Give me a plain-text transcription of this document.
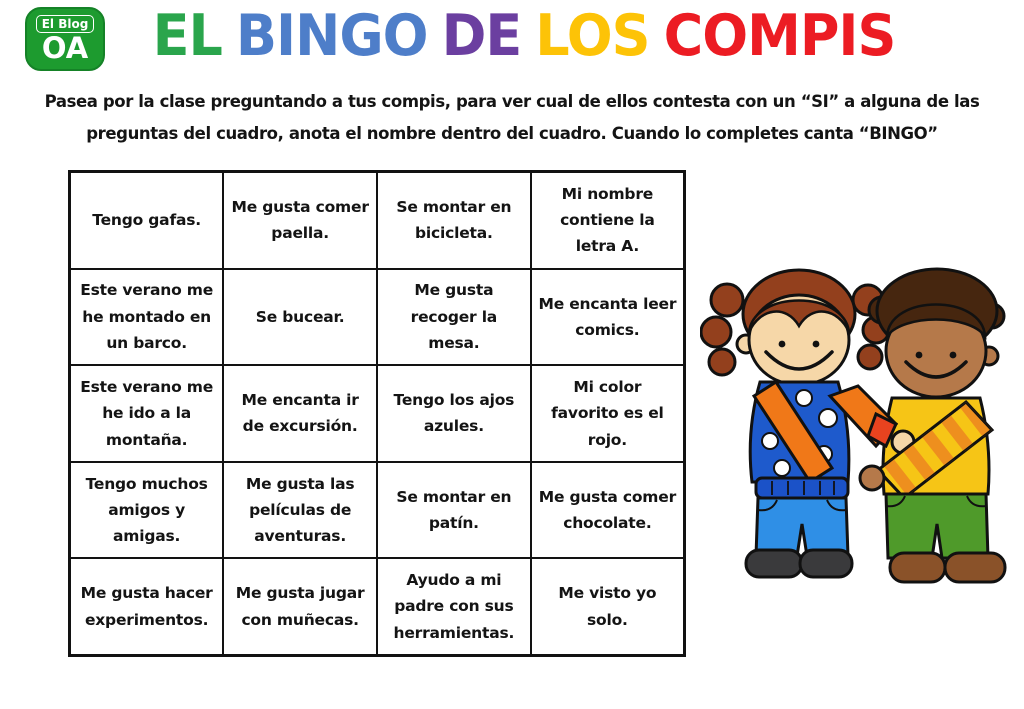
El Blog
OA EL BINGO DE LOS COMPIS
Pasea por la clase preguntando a tus compis, para ver cual de ellos contesta con un “SI” a alguna de las
preguntas del cuadro, anota el nombre dentro del cuadro. Cuando lo completes canta “BINGO”
Tengo gafas.	Me gusta comer paella.	Se montar en bicicleta.	Mi nombre contiene la letra A.
Este verano me he montado en un barco.	Se bucear.	Me gusta recoger la mesa.	Me encanta leer comics.
Este verano me he ido a la montaña.	Me encanta ir de excursión.	Tengo los ajos azules.	Mi color favorito es el rojo.
Tengo muchos amigos y amigas.	Me gusta las películas de aventuras.	Se montar en patín.	Me gusta comer chocolate.
Me gusta hacer experimentos.	Me gusta jugar con muñecas.	Ayudo a mi padre con sus herramientas.	Me visto yo solo.
